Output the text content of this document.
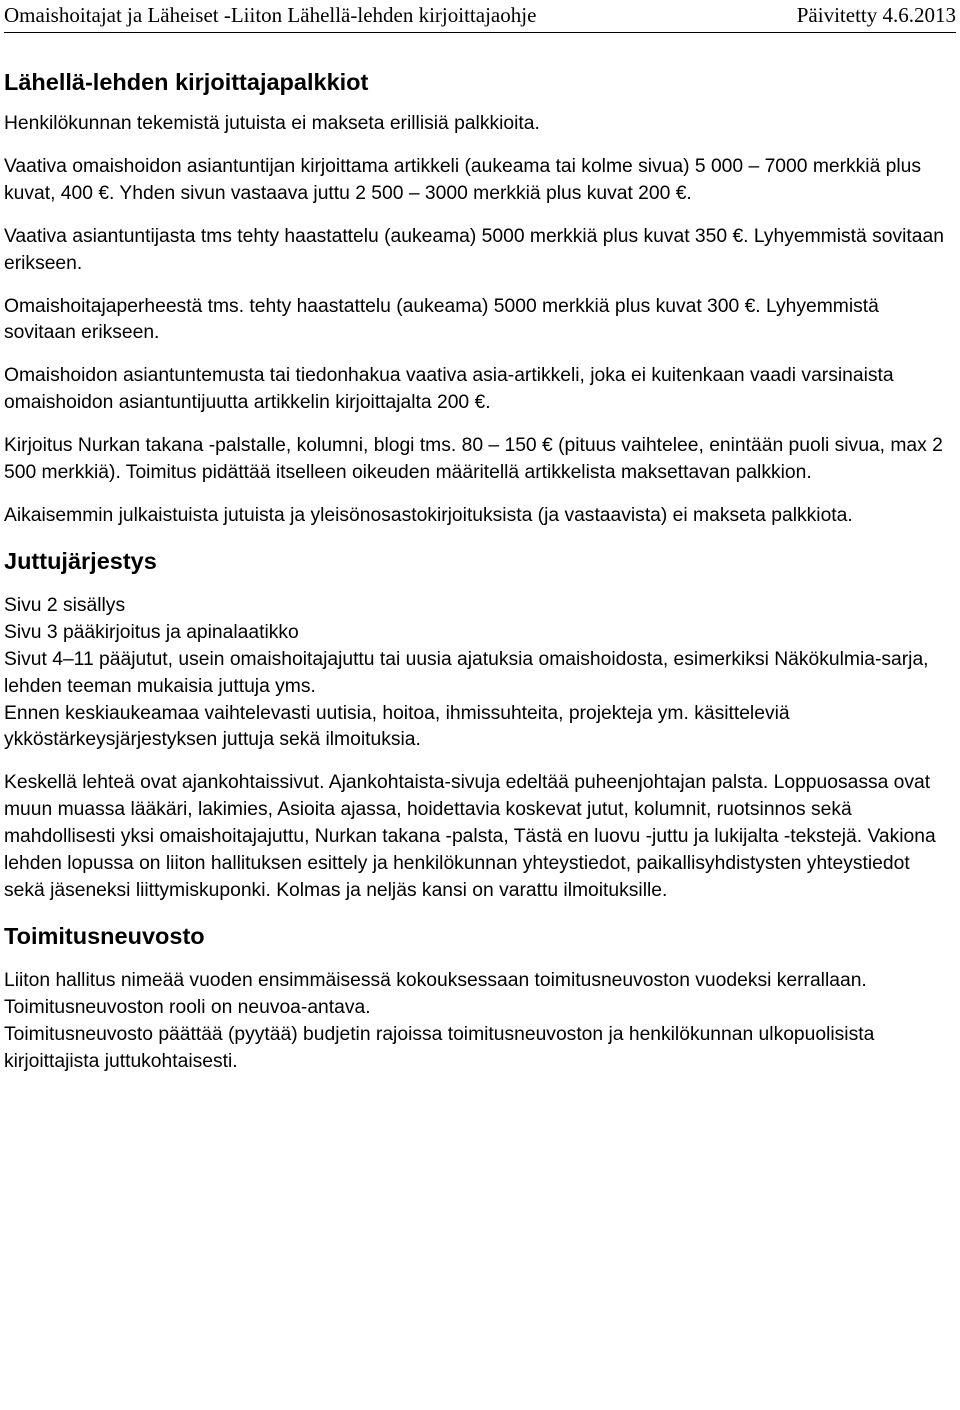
Omaishoitajat ja Läheiset -Liiton Lähellä-lehden kirjoittajaohje	Päivitetty 4.6.2013
Lähellä-lehden kirjoittajapalkkiot

Henkilökunnan tekemistä jutuista ei makseta erillisiä palkkioita.

Vaativa omaishoidon asiantuntijan kirjoittama artikkeli (aukeama tai kolme sivua) 5 000 – 7000 merkkiä plus kuvat, 400 €. Yhden sivun vastaava juttu 2 500 – 3000 merkkiä plus kuvat 200 €.

Vaativa asiantuntijasta tms tehty haastattelu (aukeama) 5000 merkkiä plus kuvat 350 €. Lyhyemmistä sovitaan erikseen.

Omaishoitajaperheestä tms. tehty haastattelu (aukeama) 5000 merkkiä plus kuvat 300 €. Lyhyemmistä sovitaan erikseen.

Omaishoidon asiantuntemusta tai tiedonhakua vaativa asia-artikkeli, joka ei kuitenkaan vaadi varsinaista omaishoidon asiantuntijuutta artikkelin kirjoittajalta 200 €.

Kirjoitus Nurkan takana -palstalle, kolumni, blogi tms. 80 – 150 € (pituus vaihtelee, enintään puoli sivua, max 2 500 merkkiä). Toimitus pidättää itselleen oikeuden määritellä artikkelista maksettavan palkkion.

Aikaisemmin julkaistuista jutuista ja yleisönosastokirjoituksista (ja vastaavista) ei makseta palkkiota.

Juttujärjestys

Sivu 2 sisällys

Sivu 3 pääkirjoitus ja apinalaatikko

Sivut 4–11 pääjutut, usein omaishoitajajuttu tai uusia ajatuksia omaishoidosta, esimerkiksi Näkökulmia-sarja, lehden teeman mukaisia juttuja yms.

Ennen keskiaukeamaa vaihtelevasti uutisia, hoitoa, ihmissuhteita, projekteja ym. käsitteleviä ykköstärkeysjärjestyksen juttuja sekä ilmoituksia.

Keskellä lehteä ovat ajankohtaissivut. Ajankohtaista-sivuja edeltää puheenjohtajan palsta. Loppuosassa ovat muun muassa lääkäri, lakimies, Asioita ajassa, hoidettavia koskevat jutut, kolumnit, ruotsinnos sekä mahdollisesti yksi omaishoitajajuttu, Nurkan takana -palsta, Tästä en luovu -juttu ja lukijalta -tekstejä. Vakiona lehden lopussa on liiton hallituksen esittely ja henkilökunnan yhteystiedot, paikallisyhdistysten yhteystiedot sekä jäseneksi liittymiskuponki. Kolmas ja neljäs kansi on varattu ilmoituksille.

Toimitusneuvosto

Liiton hallitus nimeää vuoden ensimmäisessä kokouksessaan toimitusneuvoston vuodeksi kerrallaan.

Toimitusneuvoston rooli on neuvoa-antava.

Toimitusneuvosto päättää (pyytää) budjetin rajoissa toimitusneuvoston ja henkilökunnan ulkopuolisista kirjoittajista juttukohtaisesti.
